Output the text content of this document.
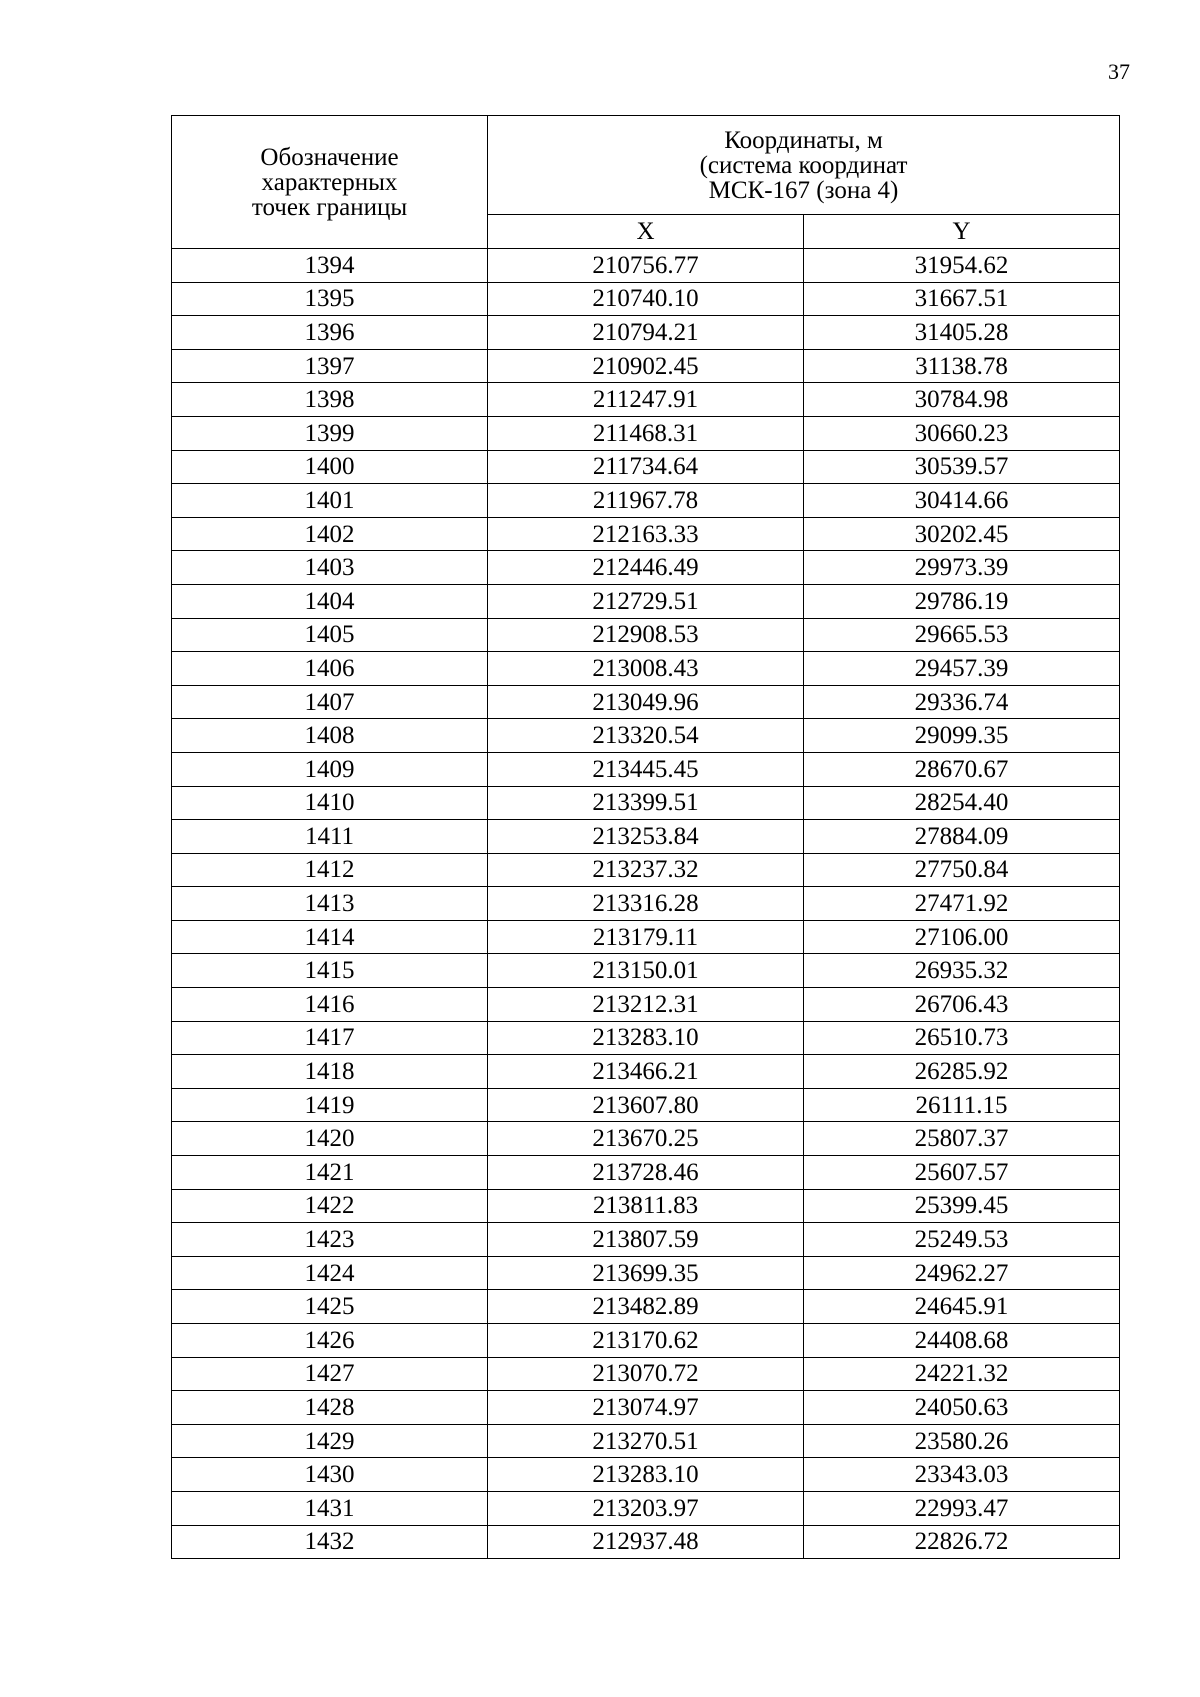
37
Обозначение
характерных
точек границы	Координаты, м
(система координат
МСК-167 (зона 4)	

	X	Y
1394	210756.77	31954.62
1395	210740.10	31667.51
1396	210794.21	31405.28
1397	210902.45	31138.78
1398	211247.91	30784.98
1399	211468.31	30660.23
1400	211734.64	30539.57
1401	211967.78	30414.66
1402	212163.33	30202.45
1403	212446.49	29973.39
1404	212729.51	29786.19
1405	212908.53	29665.53
1406	213008.43	29457.39
1407	213049.96	29336.74
1408	213320.54	29099.35
1409	213445.45	28670.67
1410	213399.51	28254.40
1411	213253.84	27884.09
1412	213237.32	27750.84
1413	213316.28	27471.92
1414	213179.11	27106.00
1415	213150.01	26935.32
1416	213212.31	26706.43
1417	213283.10	26510.73
1418	213466.21	26285.92
1419	213607.80	26111.15
1420	213670.25	25807.37
1421	213728.46	25607.57
1422	213811.83	25399.45
1423	213807.59	25249.53
1424	213699.35	24962.27
1425	213482.89	24645.91
1426	213170.62	24408.68
1427	213070.72	24221.32
1428	213074.97	24050.63
1429	213270.51	23580.26
1430	213283.10	23343.03
1431	213203.97	22993.47
1432	212937.48	22826.72
